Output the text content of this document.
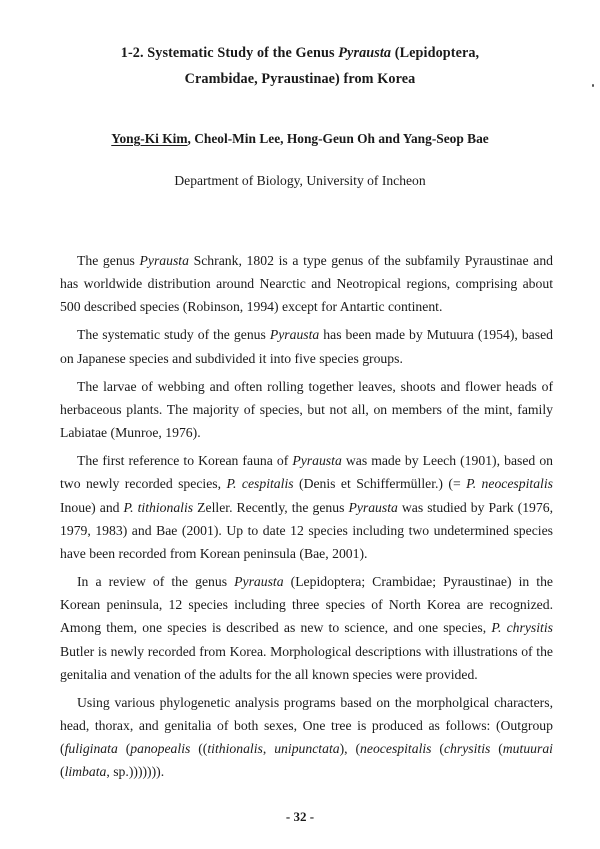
1-2. Systematic Study of the Genus Pyrausta (Lepidoptera,
Crambidae, Pyraustinae) from Korea
Yong-Ki Kim, Cheol-Min Lee, Hong-Geun Oh and Yang-Seop Bae
Department of Biology, University of Incheon

The genus Pyrausta Schrank, 1802 is a type genus of the subfamily Pyraustinae and has worldwide distribution around Nearctic and Neotropical regions, comprising about 500 described species (Robinson, 1994) except for Antartic continent.

The systematic study of the genus Pyrausta has been made by Mutuura (1954), based on Japanese species and subdivided it into five species groups.

The larvae of webbing and often rolling together leaves, shoots and flower heads of herbaceous plants. The majority of species, but not all, on members of the mint, family Labiatae (Munroe, 1976).

The first reference to Korean fauna of Pyrausta was made by Leech (1901), based on two newly recorded species, P. cespitalis (Denis et Schiffermüller.) (= P. neocespitalis Inoue) and P. tithionalis Zeller. Recently, the genus Pyrausta was studied by Park (1976, 1979, 1983) and Bae (2001). Up to date 12 species including two undetermined species have been recorded from Korean peninsula (Bae, 2001).

In a review of the genus Pyrausta (Lepidoptera; Crambidae; Pyraustinae) in the Korean peninsula, 12 species including three species of North Korea are recognized. Among them, one species is described as new to science, and one species, P. chrysitis Butler is newly recorded from Korea. Morphological descriptions with illustrations of the genitalia and venation of the adults for the all known species were provided.

Using various phylogenetic analysis programs based on the morpholgical characters, head, thorax, and genitalia of both sexes, One tree is produced as follows: (Outgroup (fuliginata (panopealis ((tithionalis, unipunctata), (neocespitalis (chrysitis (mutuurai (limbata, sp.))))))).

- 32 -
